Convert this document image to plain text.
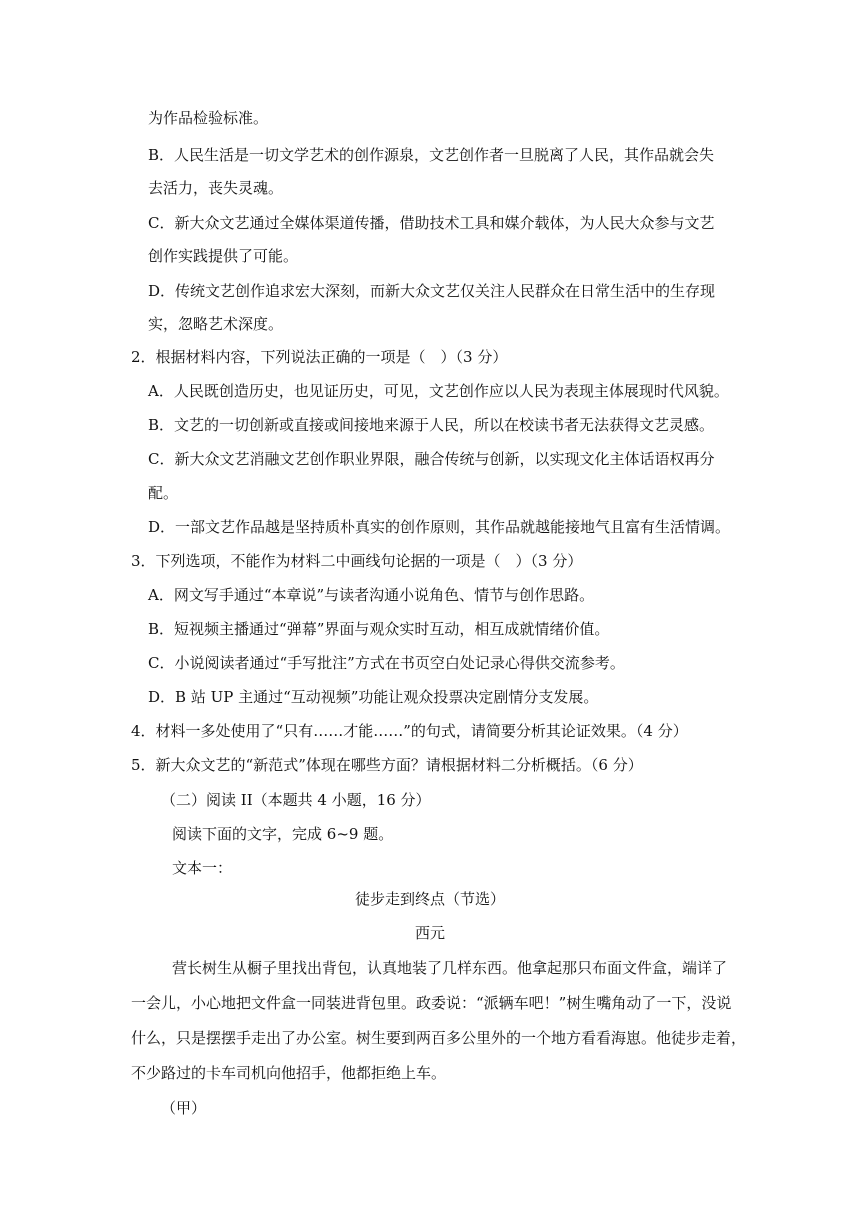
为作品检验标准。
B．人民生活是一切文学艺术的创作源泉，文艺创作者一旦脱离了人民，其作品就会失
去活力，丧失灵魂。
C．新大众文艺通过全媒体渠道传播，借助技术工具和媒介载体，为人民大众参与文艺
创作实践提供了可能。
D．传统文艺创作追求宏大深刻，而新大众文艺仅关注人民群众在日常生活中的生存现
实，忽略艺术深度。
2．根据材料内容，下列说法正确的一项是（　）（3 分）
A．人民既创造历史，也见证历史，可见，文艺创作应以人民为表现主体展现时代风貌。
B．文艺的一切创新或直接或间接地来源于人民，所以在校读书者无法获得文艺灵感。
C．新大众文艺消融文艺创作职业界限，融合传统与创新，以实现文化主体话语权再分
配。
D．一部文艺作品越是坚持质朴真实的创作原则，其作品就越能接地气且富有生活情调。
3．下列选项，不能作为材料二中画线句论据的一项是（　）（3 分）
A．网文写手通过“本章说”与读者沟通小说角色、情节与创作思路。
B．短视频主播通过“弹幕”界面与观众实时互动，相互成就情绪价值。
C．小说阅读者通过“手写批注”方式在书页空白处记录心得供交流参考。
D．B 站 UP 主通过“互动视频”功能让观众投票决定剧情分支发展。
4．材料一多处使用了“只有……才能……”的句式，请简要分析其论证效果。（4 分）
5．新大众文艺的“新范式”体现在哪些方面？请根据材料二分析概括。（6 分）
（二）阅读 II（本题共 4 小题，16 分）
阅读下面的文字，完成 6~9 题。
文本一：
徒步走到终点（节选）
西元
营长树生从橱子里找出背包，认真地装了几样东西。他拿起那只布面文件盒，端详了
一会儿，小心地把文件盒一同装进背包里。政委说：“派辆车吧！”树生嘴角动了一下，没说
什么，只是摆摆手走出了办公室。树生要到两百多公里外的一个地方看看海崽。他徒步走着，
不少路过的卡车司机向他招手，他都拒绝上车。
（甲）
